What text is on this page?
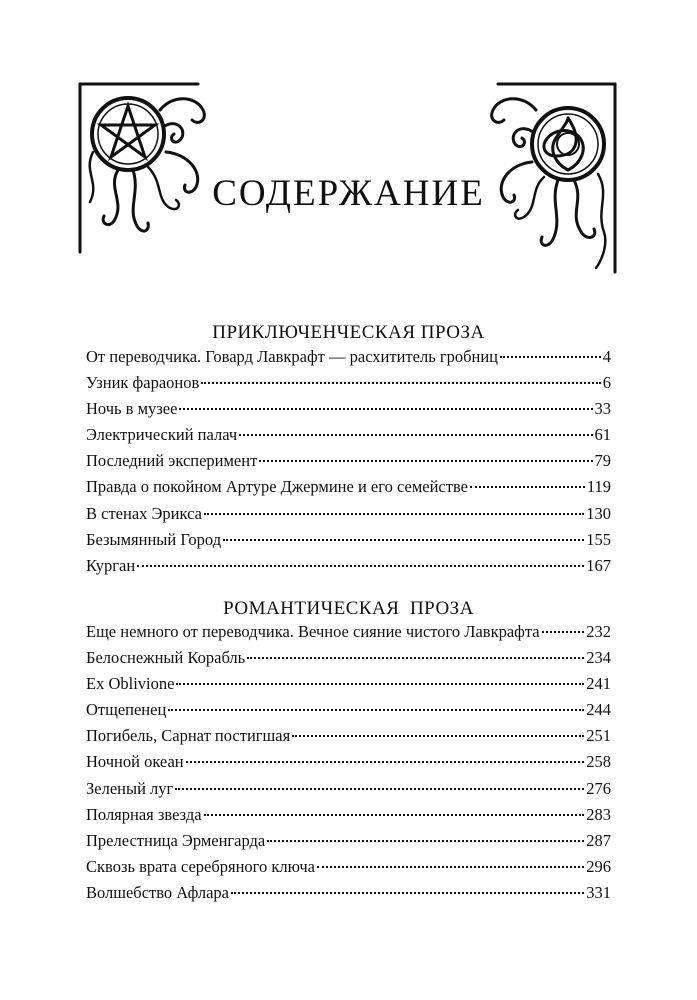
СОДЕРЖАНИЕ
ПРИКЛЮЧЕНЧЕСКАЯ ПРОЗА
От переводчика. Говард Лавкрафт — расхититель гробниц	4
Узник фараонов	6
Ночь в музее	33
Электрический палач	61
Последний эксперимент	79
Правда о покойном Артуре Джермине и его семействе	119
В стенах Эрикса	130
Безымянный Город	155
Курган	167
РОМАНТИЧЕСКАЯ  ПРОЗА
Еще немного от переводчика. Вечное сияние чистого Лавкрафта	232
Белоснежный Корабль	234
Ex Oblivione	241
Отщепенец	244
Погибель, Сарнат постигшая	251
Ночной океан	258
Зеленый луг	276
Полярная звезда	283
Прелестница Эрменгарда	287
Сквозь врата серебряного ключа	296
Волшебство Афлара	331
